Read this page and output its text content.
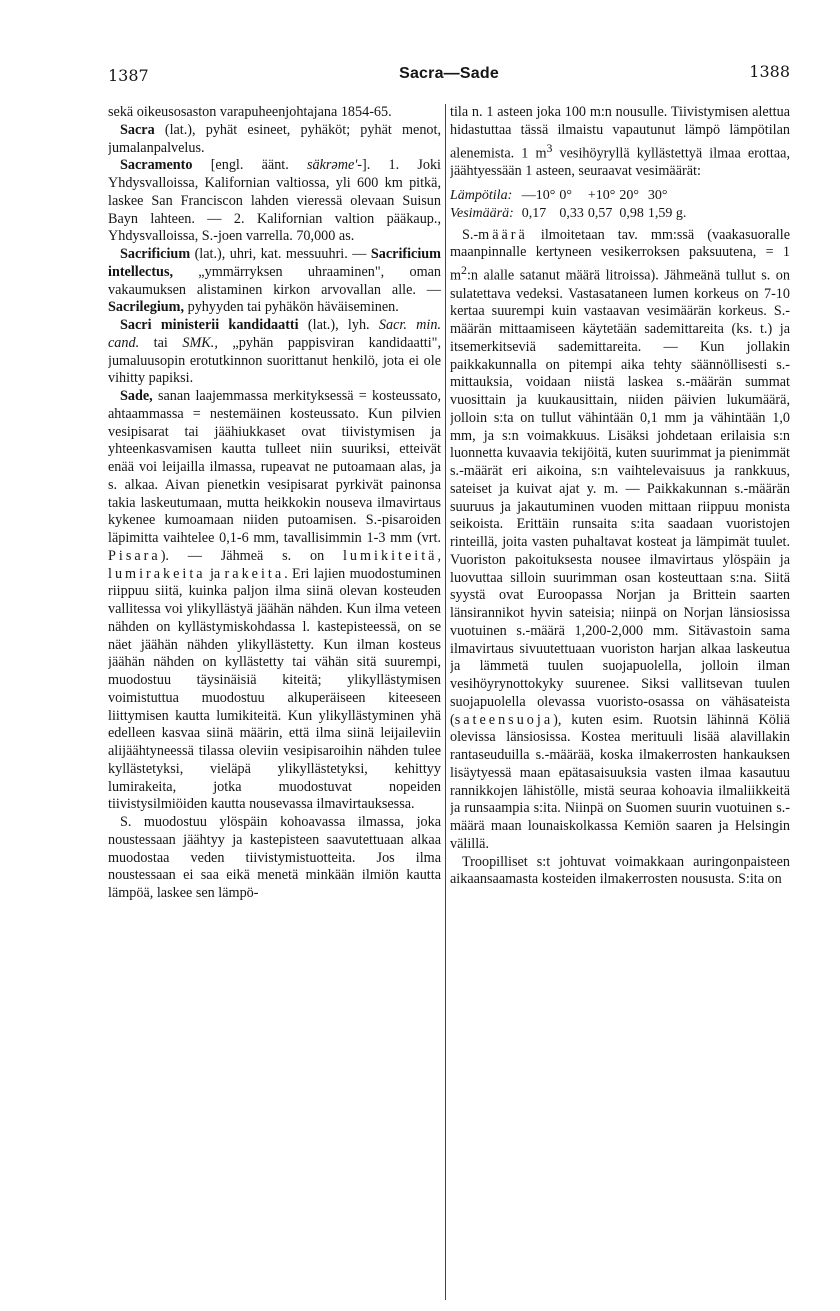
1387	Sacra—Sade	1388

sekä oikeusosaston varapuheenjohtajana 1854-65.

Sacra (lat.), pyhät esineet, pyhäköt; pyhät menot, jumalanpalvelus.

Sacramento [engl. äänt. säkrəme'-]. 1. Joki Yhdysvalloissa, Kalifornian valtiossa, yli 600 km pitkä, laskee San Franciscon lahden vieressä olevaan Suisun Bayn lahteen. — 2. Kalifornian valtion pääkaup., Yhdysvalloissa, S.-joen varrella. 70,000 as.

Sacrificium (lat.), uhri, kat. messuuhri. — Sacrificium intellectus, „ymmärryksen uhraaminen", oman vakaumuksen alistaminen kirkon arvovallan alle. — Sacrilegium, pyhyyden tai pyhäkön häväiseminen.

Sacri ministerii kandidaatti (lat.), lyh. Sacr. min. cand. tai SMK., „pyhän pappisviran kandidaatti", jumaluusopin erotutkinnon suorittanut henkilö, jota ei ole vihitty papiksi.

Sade, sanan laajemmassa merkityksessä = kosteussato, ahtaammassa = nestemäinen kosteussato. Kun pilvien vesipisarat tai jäähiukkaset ovat tiivistymisen ja yhteenkasvamisen kautta tulleet niin suuriksi, etteivät enää voi leijailla ilmassa, rupeavat ne putoamaan alas, ja s. alkaa. Aivan pienetkin vesipisarat pyrkivät painonsa takia laskeutumaan, mutta heikkokin nouseva ilmavirtaus kykenee kumoamaan niiden putoamisen. S.-pisaroiden läpimitta vaihtelee 0,1-6 mm, tavallisimmin 1-3 mm (vrt. Pisara). — Jähmeä s. on lumikiteitä, lumirakeita ja rakeita. Eri lajien muodostuminen riippuu siitä, kuinka paljon ilma siinä olevan kosteuden vallitessa voi ylikyllästyä jäähän nähden. Kun ilma veteen nähden on kyllästymiskohdassa l. kastepisteessä, on se näet jäähän nähden ylikyllästetty. Kun ilman kosteus jäähän nähden on kyllästetty tai vähän sitä suurempi, muodostuu täysinäisiä kiteitä; ylikyllästymisen voimistuttua muodostuu alkuperäiseen kiteeseen liittymisen kautta lumikiteitä. Kun ylikyllästyminen yhä edelleen kasvaa siinä määrin, että ilma siinä leijaileviin alijäähtyneessä tilassa oleviin vesipisaroihin nähden tulee kyllästetyksi, vieläpä ylikyllästetyksi, kehittyy lumirakeita, jotka muodostuvat nopeiden tiivistysilmiöiden kautta nousevassa ilmavirtauksessa.

S. muodostuu ylöspäin kohoavassa ilmassa, joka noustessaan jäähtyy ja kastepisteen saavutettuaan alkaa muodostaa veden tiivistymistuotteita. Jos ilma noustessaan ei saa eikä menetä minkään ilmiön kautta lämpöä, laskee sen lämpö-

tila n. 1 asteen joka 100 m:n nousulle. Tiivistymisen alettua hidastuttaa tässä ilmaistu vapautunut lämpö lämpötilan alenemista. 1 $m^3$ vesihöyryllä kyllästettyä ilmaa erottaa, jäähtyessään 1 asteen, seuraavat vesimäärät:

Lämpötila:	—10°	0°	+10°	20°	30°
Vesimäärä:	0,17	0,33	0,57	0,98	1,59 g.

S.-määrä ilmoitetaan tav. mm:ssä (vaakasuoralle maanpinnalle kertyneen vesikerroksen paksuutena, = 1 $m^2:n$ alalle satanut määrä litroissa). Jähmeänä tullut s. on sulatettava vedeksi. Vastasataneen lumen korkeus on 7-10 kertaa suurempi kuin vastaavan vesimäärän korkeus. S.-määrän mittaamiseen käytetään sademittareita (ks. t.) ja itsemerkitseviä sademittareita. — Kun jollakin paikkakunnalla on pitempi aika tehty säännöllisesti s.-mittauksia, voidaan niistä laskea s.-määrän summat vuosittain ja kuukausittain, niiden päivien lukumäärä, jolloin s:ta on tullut vähintään 0,1 mm ja vähintään 1,0 mm, ja s:n voimakkuus. Lisäksi johdetaan erilaisia s:n luonnetta kuvaavia tekijöitä, kuten suurimmat ja pienimmät s.-määrät eri aikoina, s:n vaihtelevaisuus ja rankkuus, sateiset ja kuivat ajat y. m. — Paikkakunnan s.-määrän suuruus ja jakautuminen vuoden mittaan riippuu monista seikoista. Erittäin runsaita s:ita saadaan vuoristojen rinteillä, joita vasten puhaltavat kosteat ja lämpimät tuulet. Vuoriston pakoituksesta nousee ilmavirtaus ylöspäin ja luovuttaa silloin suurimman osan kosteuttaan s:na. Siitä syystä ovat Euroopassa Norjan ja Brittein saarten länsirannikot hyvin sateisia; niinpä on Norjan länsiosissa vuotuinen s.-määrä 1,200-2,000 mm. Sitävastoin sama ilmavirtaus sivuutettuaan vuoriston harjan alkaa laskeutua ja lämmetä tuulen suojapuolella, jolloin ilman vesihöyrynottokyky suurenee. Siksi vallitsevan tuulen suojapuolella olevassa vuoristo-osassa on vähäsateista (sateensuoja), kuten esim. Ruotsin lähinnä Köliä olevissa länsiosissa. Kostea merituuli lisää alavillakin rantaseuduilla s.-määrää, koska ilmakerrosten hankauksen lisäytyessä maan epätasaisuuksia vasten ilmaa kasautuu rannikkojen lähistölle, mistä seuraa kohoavia ilmaliikkeitä ja runsaampia s:ita. Niinpä on Suomen suurin vuotuinen s.-määrä maan lounaiskolkassa Kemiön saaren ja Helsingin välillä.

Troopilliset s:t johtuvat voimakkaan auringonpaisteen aikaansaamasta kosteiden ilmakerrosten noususta. S:ita on
